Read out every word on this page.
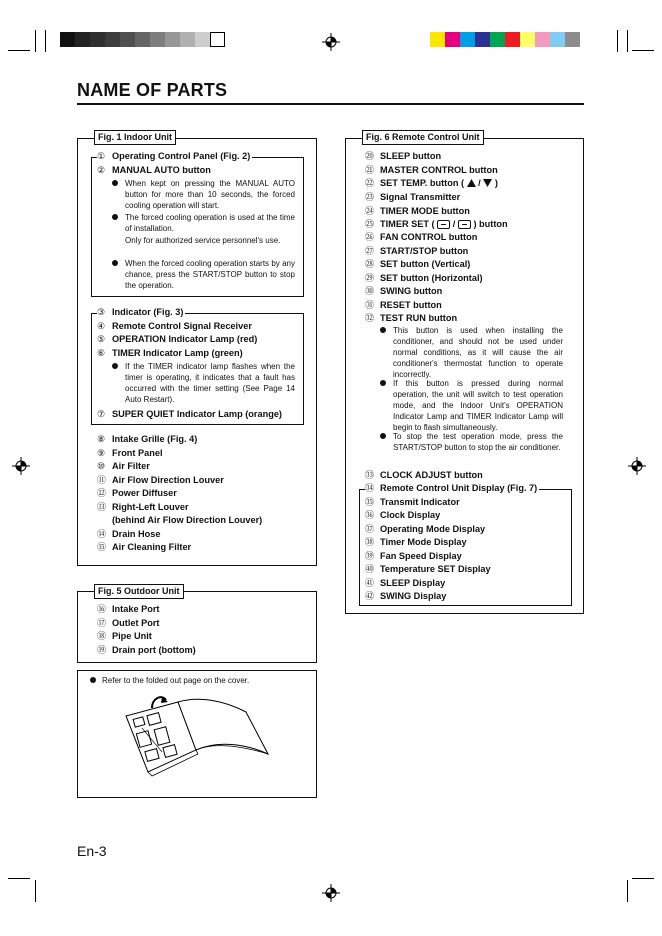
NAME OF PARTS
Fig. 1 Indoor Unit
① Operating Control Panel (Fig. 2)
② MANUAL AUTO button
When kept on pressing the MANUAL AUTO button for more than 10 seconds, the forced cooling operation will start.
The forced cooling operation is used at the time of installation.
Only for authorized service personnel's use.
When the forced cooling operation starts by any chance, press the START/STOP button to stop the operation.
③ Indicator (Fig. 3)
④ Remote Control Signal Receiver
⑤ OPERATION Indicator Lamp (red)
⑥ TIMER Indicator Lamp (green)
If the TIMER indicator lamp flashes when the timer is operating, it indicates that a fault has occurred with the timer setting (See Page 14 Auto Restart).
⑦ SUPER QUIET Indicator Lamp (orange)
⑧ Intake Grille (Fig. 4)
⑨ Front Panel
⑩ Air Filter
⑪ Air Flow Direction Louver
⑫ Power Diffuser
⑬ Right-Left Louver
(behind Air Flow Direction Louver)
⑭ Drain Hose
⑮ Air Cleaning Filter
Fig. 5 Outdoor Unit
⑯ Intake Port
⑰ Outlet Port
⑱ Pipe Unit
⑲ Drain port (bottom)
Refer to the folded out page on the cover.
Fig. 6 Remote Control Unit
⑳ SLEEP button
㉑ MASTER CONTROL button
㉒ SET TEMP. button ( / )
㉓ Signal Transmitter
㉔ TIMER MODE button
㉕ TIMER SET ( / ) button
㉖ FAN CONTROL button
㉗ START/STOP button
㉘ SET button (Vertical)
㉙ SET button (Horizontal)
㉚ SWING button
㉛ RESET button
㉜ TEST RUN button
This button is used when installing the conditioner, and should not be used under normal conditions, as it will cause the air conditioner's thermostat function to operate incorrectly.
If this button is pressed during normal operation, the unit will switch to test operation mode, and the Indoor Unit's OPERATION Indicator Lamp and TIMER Indicator Lamp will begin to flash simultaneously.
To stop the test operation mode, press the START/STOP button to stop the air conditioner.
㉝ CLOCK ADJUST button
㉞ Remote Control Unit Display (Fig. 7)
㉟ Transmit Indicator
㊱ Clock Display
㊲ Operating Mode Display
㊳ Timer Mode Display
㊴ Fan Speed Display
㊵ Temperature SET Display
㊶ SLEEP Display
㊷ SWING Display
En-3
